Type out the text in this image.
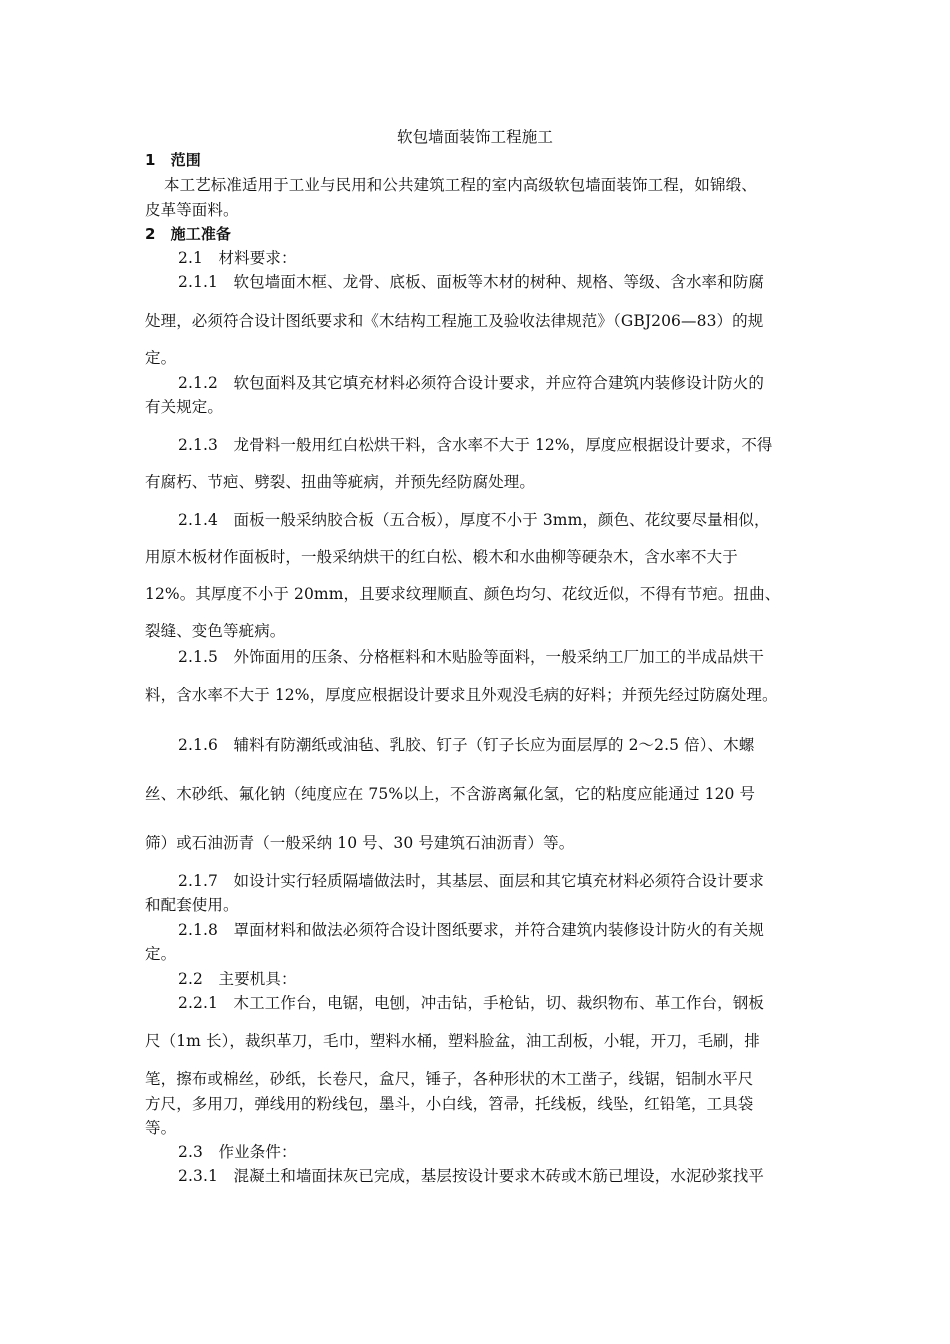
软包墙面装饰工程施工
1　范围
本工艺标准适用于工业与民用和公共建筑工程的室内高级软包墙面装饰工程，如锦缎、
皮革等面料。
2　施工准备
2.1　材料要求：
2.1.1　软包墙面木框、龙骨、底板、面板等木材的树种、规格、等级、含水率和防腐
处理，必须符合设计图纸要求和《木结构工程施工及验收法律规范》（GBJ206—83）的规
定。
2.1.2　软包面料及其它填充材料必须符合设计要求，并应符合建筑内装修设计防火的
有关规定。
2.1.3　龙骨料一般用红白松烘干料，含水率不大于 12%，厚度应根据设计要求，不得
有腐朽、节疤、劈裂、扭曲等疵病，并预先经防腐处理。
2.1.4　面板一般采纳胶合板（五合板），厚度不小于 3mm，颜色、花纹要尽量相似，
用原木板材作面板时，一般采纳烘干的红白松、椴木和水曲柳等硬杂木，含水率不大于
12%。其厚度不小于 20mm，且要求纹理顺直、颜色均匀、花纹近似，不得有节疤。扭曲、
裂缝、变色等疵病。
2.1.5　外饰面用的压条、分格框料和木贴脸等面料，一般采纳工厂加工的半成品烘干
料，含水率不大于 12%，厚度应根据设计要求且外观没毛病的好料；并预先经过防腐处理。
2.1.6　辅料有防潮纸或油毡、乳胶、钉子（钉子长应为面层厚的 2～2.5 倍）、木螺
丝、木砂纸、氟化钠（纯度应在 75%以上，不含游离氟化氢，它的粘度应能通过 120 号
筛）或石油沥青（一般采纳 10 号、30 号建筑石油沥青）等。
2.1.7　如设计实行轻质隔墙做法时，其基层、面层和其它填充材料必须符合设计要求
和配套使用。
2.1.8　罩面材料和做法必须符合设计图纸要求，并符合建筑内装修设计防火的有关规
定。
2.2　主要机具：
2.2.1　木工工作台，电锯，电刨，冲击钻，手枪钻，切、裁织物布、革工作台，钢板
尺（1m 长），裁织革刀，毛巾，塑料水桶，塑料脸盆，油工刮板，小辊，开刀，毛刷，排
笔，擦布或棉丝，砂纸，长卷尺，盒尺，锤子，各种形状的木工凿子，线锯，铝制水平尺
方尺，多用刀，弹线用的粉线包，墨斗，小白线，笤帚，托线板，线坠，红铅笔，工具袋
等。
2.3　作业条件：
2.3.1　混凝土和墙面抹灰已完成，基层按设计要求木砖或木筋已埋设，水泥砂浆找平
